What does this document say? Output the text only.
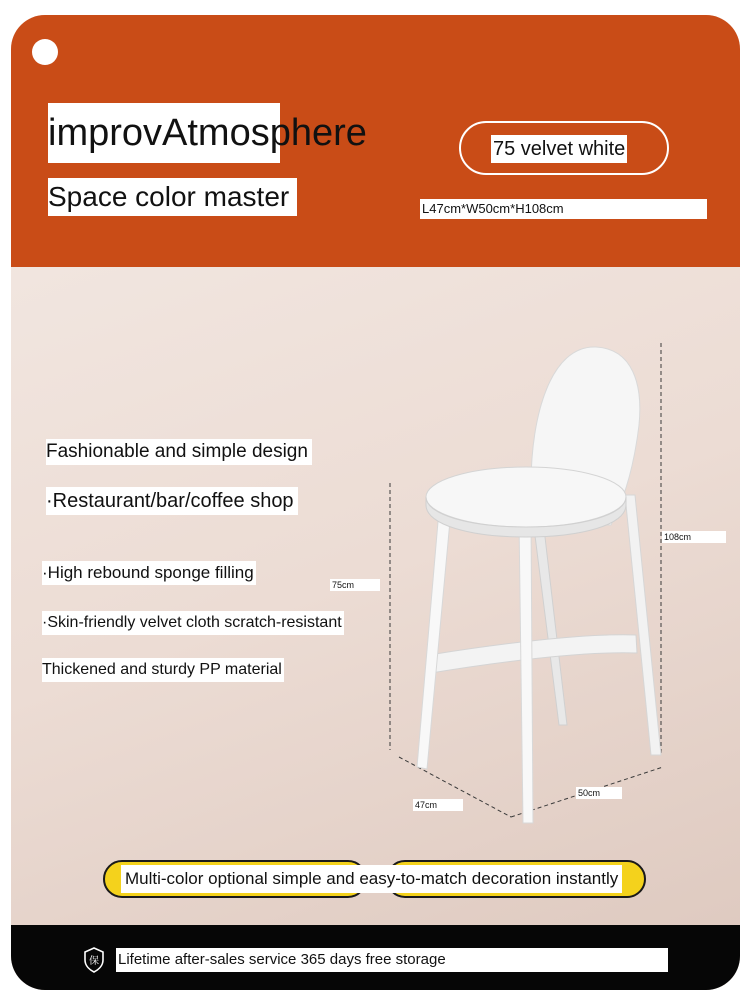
improvAtmosphere
Space color master
75 velvet white
L47cm*W50cm*H108cm
Fashionable and simple design
·Restaurant/bar/coffee shop
·High rebound sponge filling
·Skin-friendly velvet cloth scratch-resistant
Thickened and sturdy PP material
75cm
108cm
47cm
50cm
Multi-color optional simple and easy-to-match decoration instantly
保 Lifetime after-sales service 365 days free storage
